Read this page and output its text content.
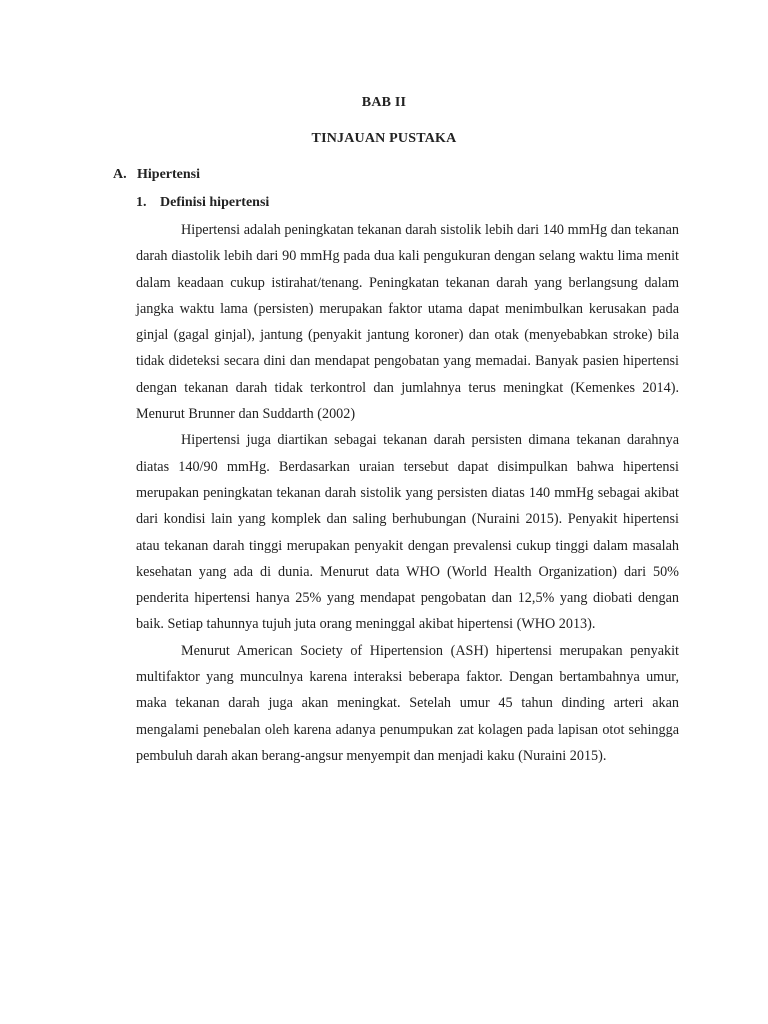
BAB II
TINJAUAN PUSTAKA
A. Hipertensi
1. Definisi hipertensi

Hipertensi adalah peningkatan tekanan darah sistolik lebih dari 140 mmHg dan tekanan darah diastolik lebih dari 90 mmHg pada dua kali pengukuran dengan selang waktu lima menit dalam keadaan cukup istirahat/tenang. Peningkatan tekanan darah yang berlangsung dalam jangka waktu lama (persisten) merupakan faktor utama dapat menimbulkan kerusakan pada ginjal (gagal ginjal), jantung (penyakit jantung koroner) dan otak (menyebabkan stroke) bila tidak dideteksi secara dini dan mendapat pengobatan yang memadai. Banyak pasien hipertensi dengan tekanan darah tidak terkontrol dan jumlahnya terus meningkat (Kemenkes 2014). Menurut Brunner dan Suddarth (2002)

Hipertensi juga diartikan sebagai tekanan darah persisten dimana tekanan darahnya diatas 140/90 mmHg. Berdasarkan uraian tersebut dapat disimpulkan bahwa hipertensi merupakan peningkatan tekanan darah sistolik yang persisten diatas 140 mmHg sebagai akibat dari kondisi lain yang komplek dan saling berhubungan (Nuraini 2015). Penyakit hipertensi atau tekanan darah tinggi merupakan penyakit dengan prevalensi cukup tinggi dalam masalah kesehatan yang ada di dunia. Menurut data WHO (World Health Organization) dari 50% penderita hipertensi hanya 25% yang mendapat pengobatan dan 12,5% yang diobati dengan baik. Setiap tahunnya tujuh juta orang meninggal akibat hipertensi (WHO 2013).

Menurut American Society of Hipertension (ASH) hipertensi merupakan penyakit multifaktor yang munculnya karena interaksi beberapa faktor. Dengan bertambahnya umur, maka tekanan darah juga akan meningkat. Setelah umur 45 tahun dinding arteri akan mengalami penebalan oleh karena adanya penumpukan zat kolagen pada lapisan otot sehingga pembuluh darah akan berang-angsur menyempit dan menjadi kaku (Nuraini 2015).
